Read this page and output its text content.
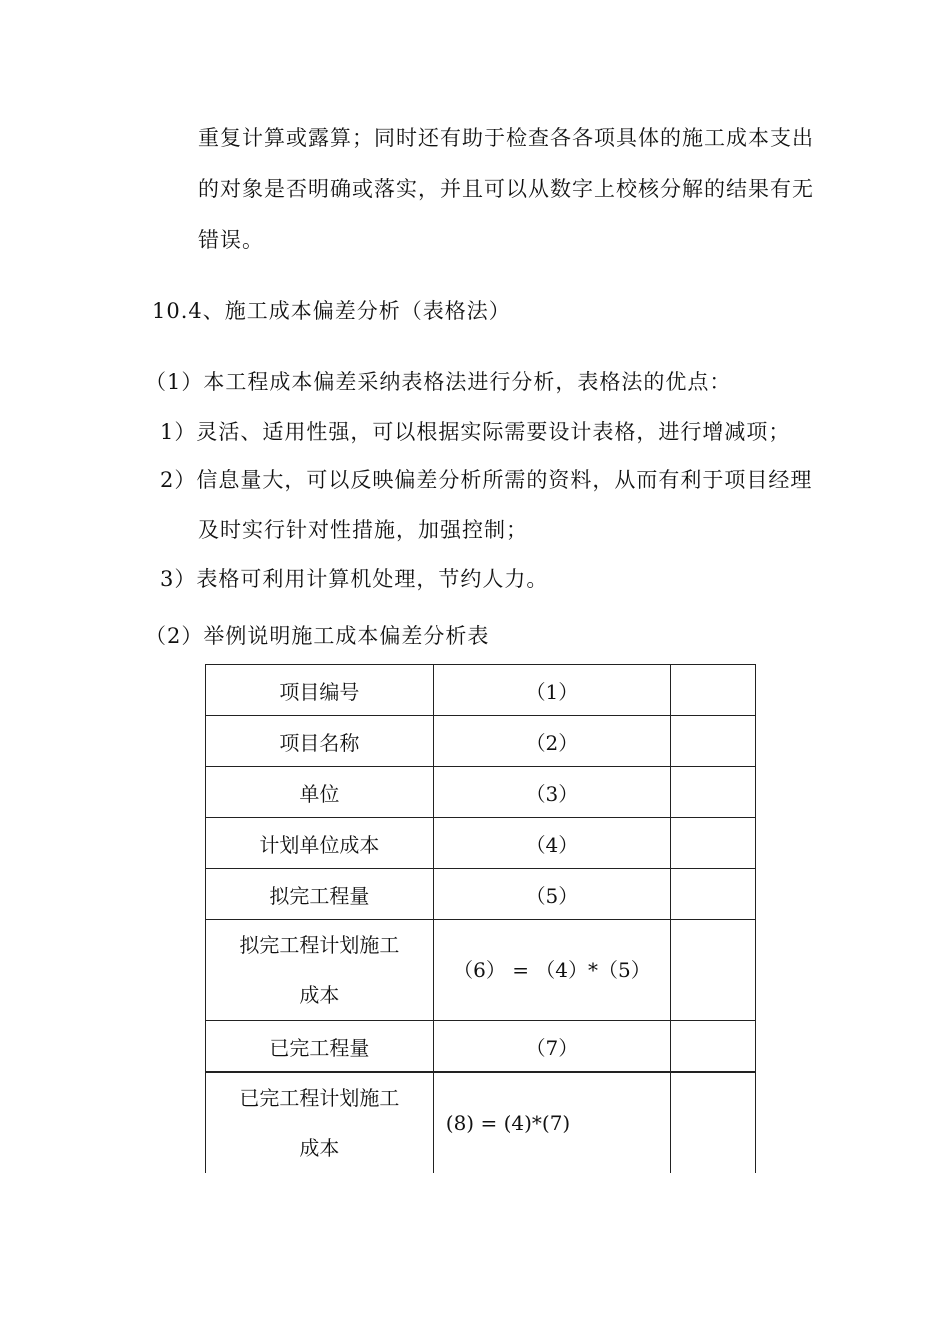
重复计算或露算；同时还有助于检查各各项具体的施工成本支出
的对象是否明确或落实，并且可以从数字上校核分解的结果有无
错误。
10.4、施工成本偏差分析（表格法）
（1）本工程成本偏差采纳表格法进行分析，表格法的优点：
1）灵活、适用性强，可以根据实际需要设计表格，进行增减项；
2）信息量大，可以反映偏差分析所需的资料，从而有利于项目经理
及时实行针对性措施，加强控制；
3）表格可利用计算机处理，节约人力。
（2）举例说明施工成本偏差分析表
项目编号	（1）	
项目名称	（2）	
单位	（3）	
计划单位成本	（4）	
拟完工程量	（5）	

拟完工程计划施工
成本	（6） = （4）*（5）	
已完工程量	（7）	

已完工程计划施工
成本	(8) = (4)*(7)	
